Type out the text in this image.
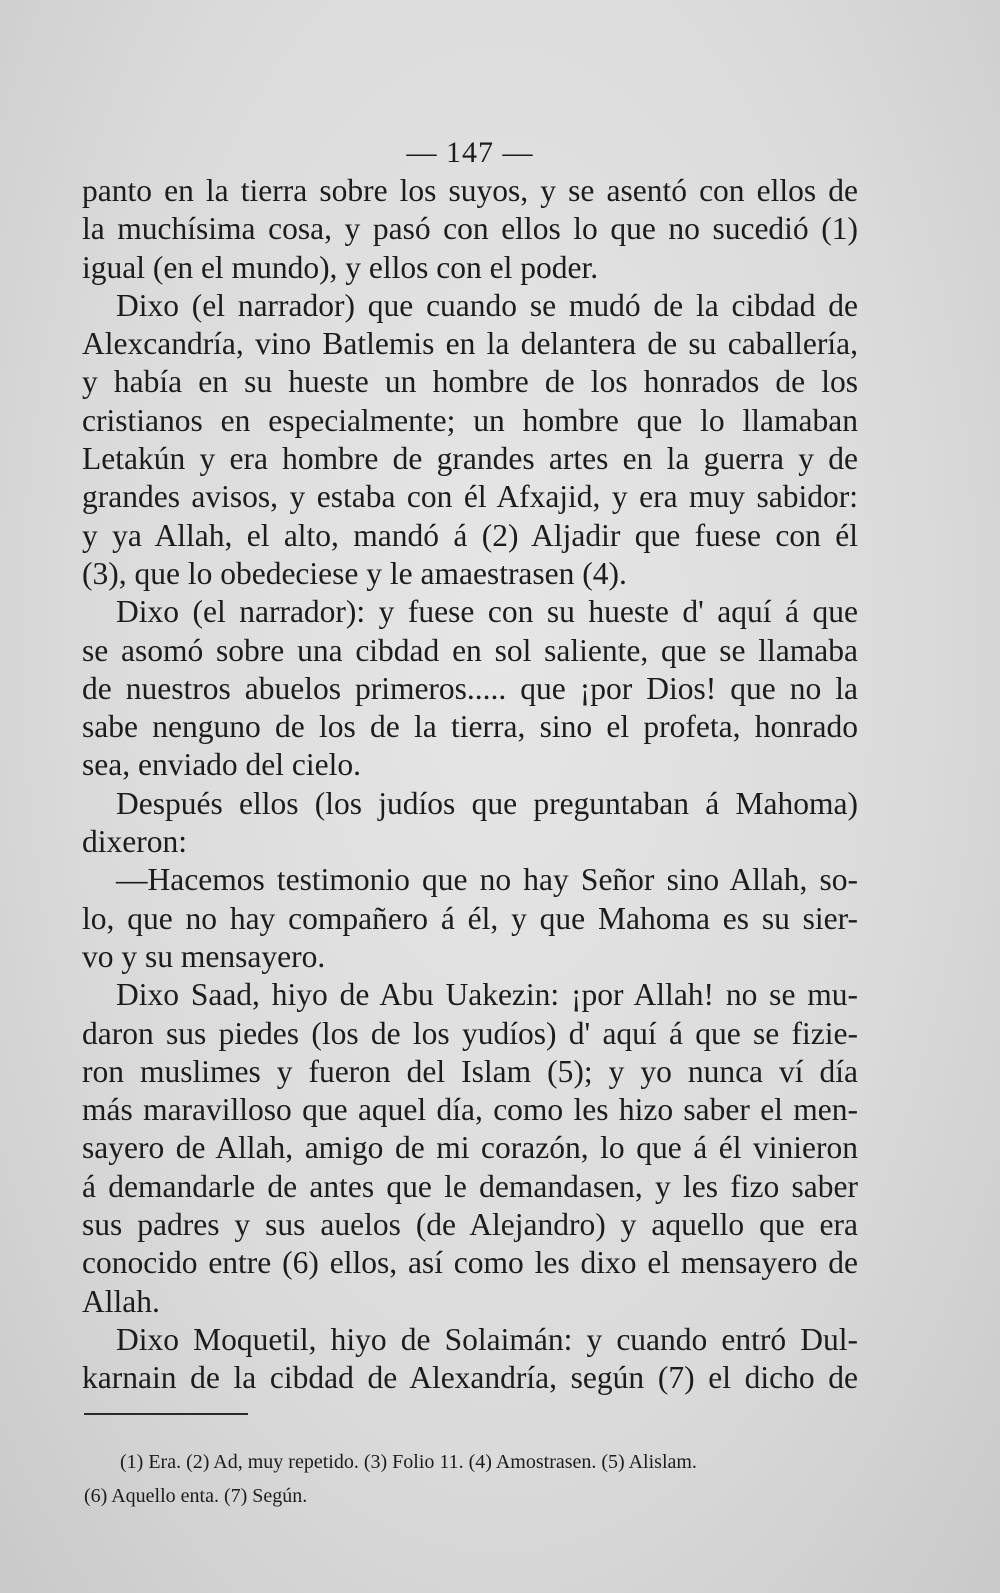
— 147 —
panto en la tierra sobre los suyos, y se asentó con ellos de
la muchísima cosa, y pasó con ellos lo que no sucedió (1)
igual (en el mundo), y ellos con el poder.
Dixo (el narrador) que cuando se mudó de la cibdad de
Alexcandría, vino Batlemis en la delantera de su caballería,
y había en su hueste un hombre de los honrados de los
cristianos en especialmente; un hombre que lo llamaban
Letakún y era hombre de grandes artes en la guerra y de
grandes avisos, y estaba con él Afxajid, y era muy sabidor:
y ya Allah, el alto, mandó á (2) Aljadir que fuese con él
(3), que lo obedeciese y le amaestrasen (4).
Dixo (el narrador): y fuese con su hueste d' aquí á que
se asomó sobre una cibdad en sol saliente, que se llamaba
de nuestros abuelos primeros..... que ¡por Dios! que no la
sabe nenguno de los de la tierra, sino el profeta, honrado
sea, enviado del cielo.
Después ellos (los judíos que preguntaban á Mahoma)
dixeron:
—Hacemos testimonio que no hay Señor sino Allah, so-
lo, que no hay compañero á él, y que Mahoma es su sier-
vo y su mensayero.
Dixo Saad, hiyo de Abu Uakezin: ¡por Allah! no se mu-
daron sus piedes (los de los yudíos) d' aquí á que se fizie-
ron muslimes y fueron del Islam (5); y yo nunca ví día
más maravilloso que aquel día, como les hizo saber el men-
sayero de Allah, amigo de mi corazón, lo que á él vinieron
á demandarle de antes que le demandasen, y les fizo saber
sus padres y sus auelos (de Alejandro) y aquello que era
conocido entre (6) ellos, así como les dixo el mensayero de
Allah.
Dixo Moquetil, hiyo de Solaimán: y cuando entró Dul-
karnain de la cibdad de Alexandría, según (7) el dicho de
(1) Era. (2) Ad, muy repetido. (3) Folio 11. (4) Amostrasen. (5) Alislam.
(6) Aquello enta. (7) Según.
